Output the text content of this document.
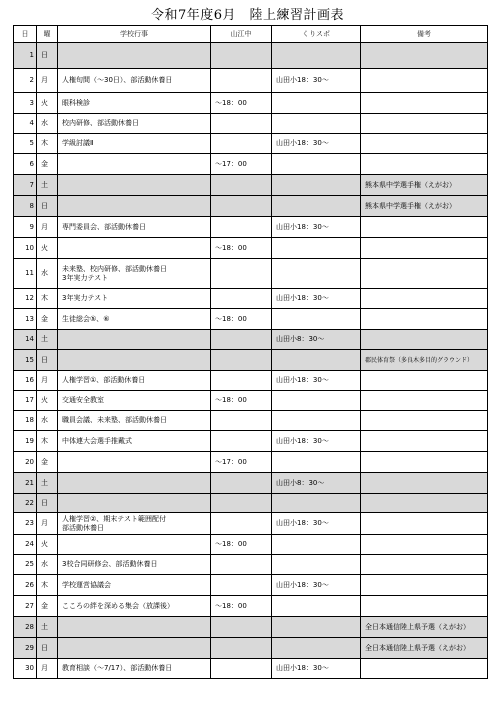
令和7年度6月　陸上練習計画表
日	曜	学校行事	山江中	くりスポ	備考
1	日				
2	月	人権旬間（～30日）、部活動休養日		山田小18：30～	
3	火	眼科検診	～18：00		
4	水	校内研修、部活動休養日			
5	木	学級討議Ⅱ		山田小18：30～	
6	金		～17：00		
7	土				熊本県中学選手権（えがお）
8	日				熊本県中学選手権（えがお）
9	月	専門委員会、部活動休養日		山田小18：30～	
10	火		～18：00		
11	水	未来塾、校内研修、部活動休養日
3年実力テスト			

12	木	3年実力テスト		山田小18：30～	
13	金	生徒総会⑤、⑥	～18：00		
14	土			山田小8：30～	
15	日				郡民体育祭（多良木多目的グラウンド）
16	月	人権学習①、部活動休養日		山田小18：30～	
17	火	交通安全教室	～18：00		
18	水	職員会議、未来塾、部活動休養日			
19	木	中体連大会選手推戴式		山田小18：30～	
20	金		～17：00		
21	土			山田小8：30～	
22	日				
23	月	人権学習②、期末テスト範囲配付
部活動休養日		山田小18：30～	
24	火		～18：00		
25	水	3校合同研修会、部活動休養日			
26	木	学校運営協議会		山田小18：30～	
27	金	こころの絆を深める集会（放課後）	～18：00		
28	土				全日本通信陸上県予選（えがお）
29	日				全日本通信陸上県予選（えがお）
30	月	教育相談（～7/17）、部活動休養日		山田小18：30～	
